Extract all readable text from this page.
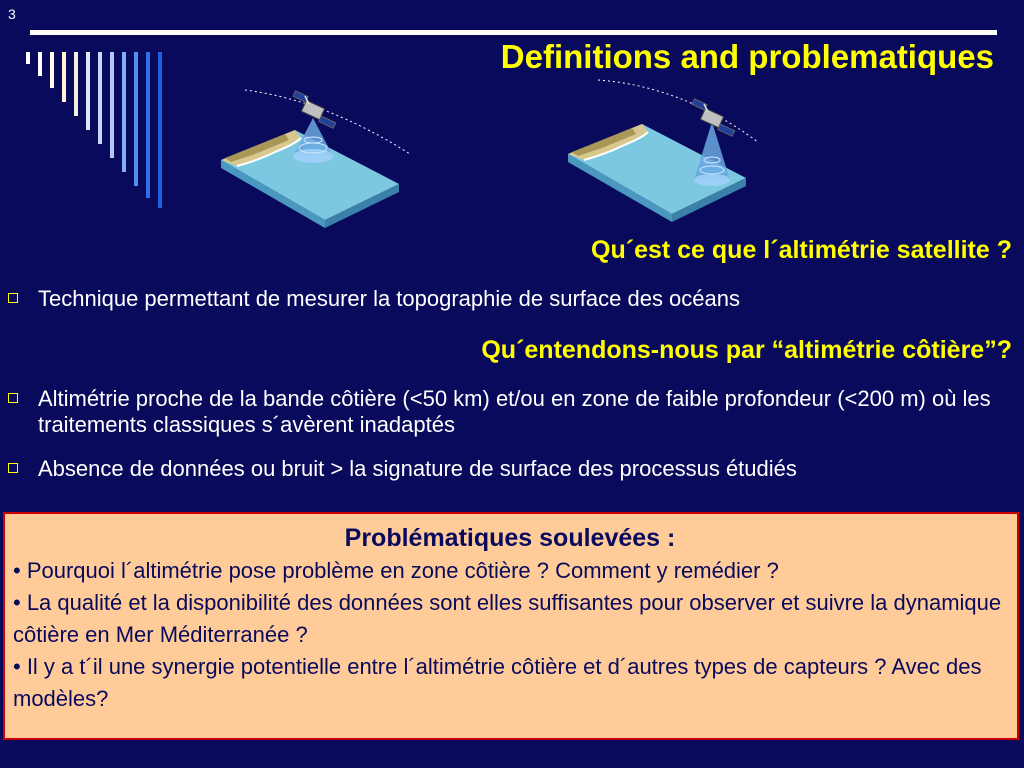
3
Definitions and problematiques
Qu´est ce que l´altimétrie satellite ?
Technique permettant de mesurer la topographie de surface des océans
Qu´entendons-nous par “altimétrie côtière”?
Altimétrie proche de la bande côtière (<50 km) et/ou en zone de faible profondeur (<200 m) où les traitements classiques s´avèrent inadaptés
Absence de données ou bruit > la signature de surface des processus étudiés
Problématiques soulevées :
• Pourquoi l´altimétrie pose problème en zone côtière ? Comment y remédier ?
• La qualité et la disponibilité des données sont elles suffisantes pour observer et suivre la dynamique côtière en Mer Méditerranée ?
• Il y a t´il une synergie potentielle entre l´altimétrie côtière et d´autres types de capteurs ? Avec des modèles?
